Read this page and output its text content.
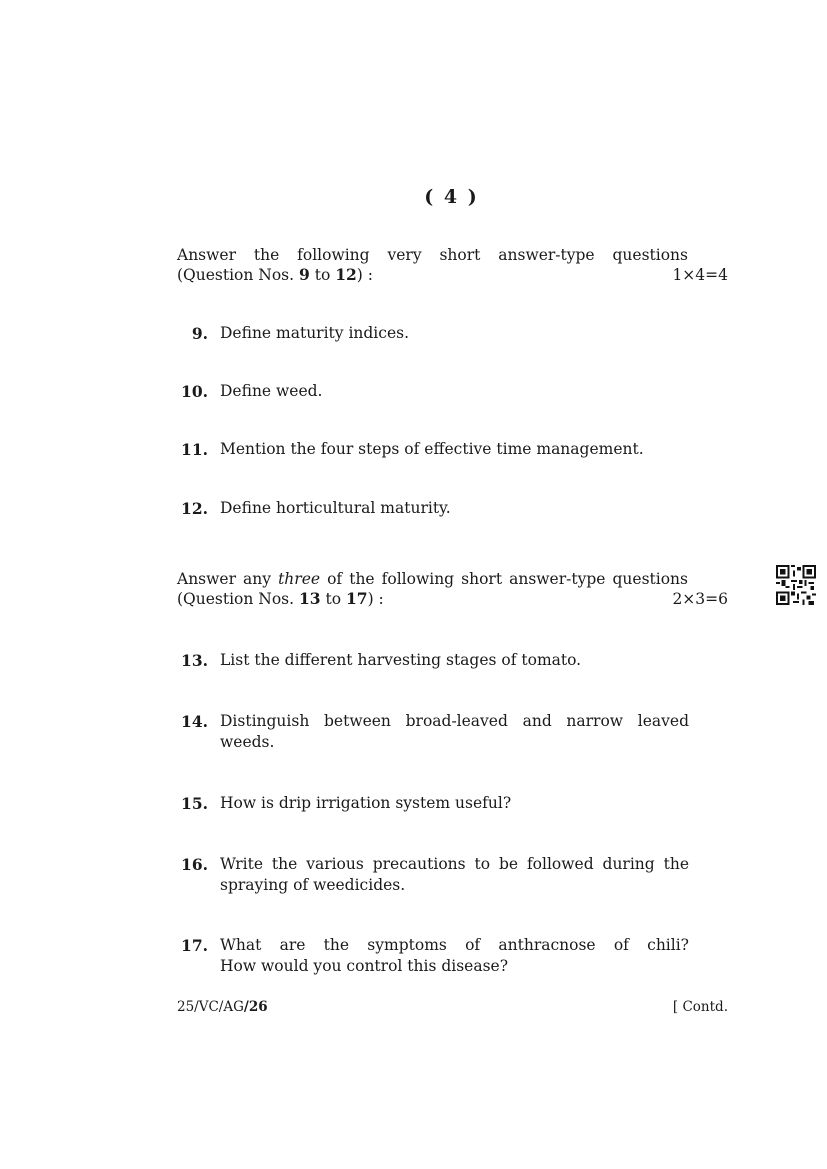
( 4 )
Answer the following very short answer-type questions
(Question Nos. 9 to 12) :	1×4=4
9. Define maturity indices.
10. Define weed.
11. Mention the four steps of effective time management.
12. Define horticultural maturity.
Answer any three of the following short answer-type questions
(Question Nos. 13 to 17) :	2×3=6
13. List the different harvesting stages of tomato.
14. Distinguish between broad-leaved and narrow leaved
weeds.
15. How is drip irrigation system useful?
16. Write the various precautions to be followed during the
spraying of weedicides.
17. What are the symptoms of anthracnose of chili?
How would you control this disease?
25/VC/AG/26	[ Contd.
